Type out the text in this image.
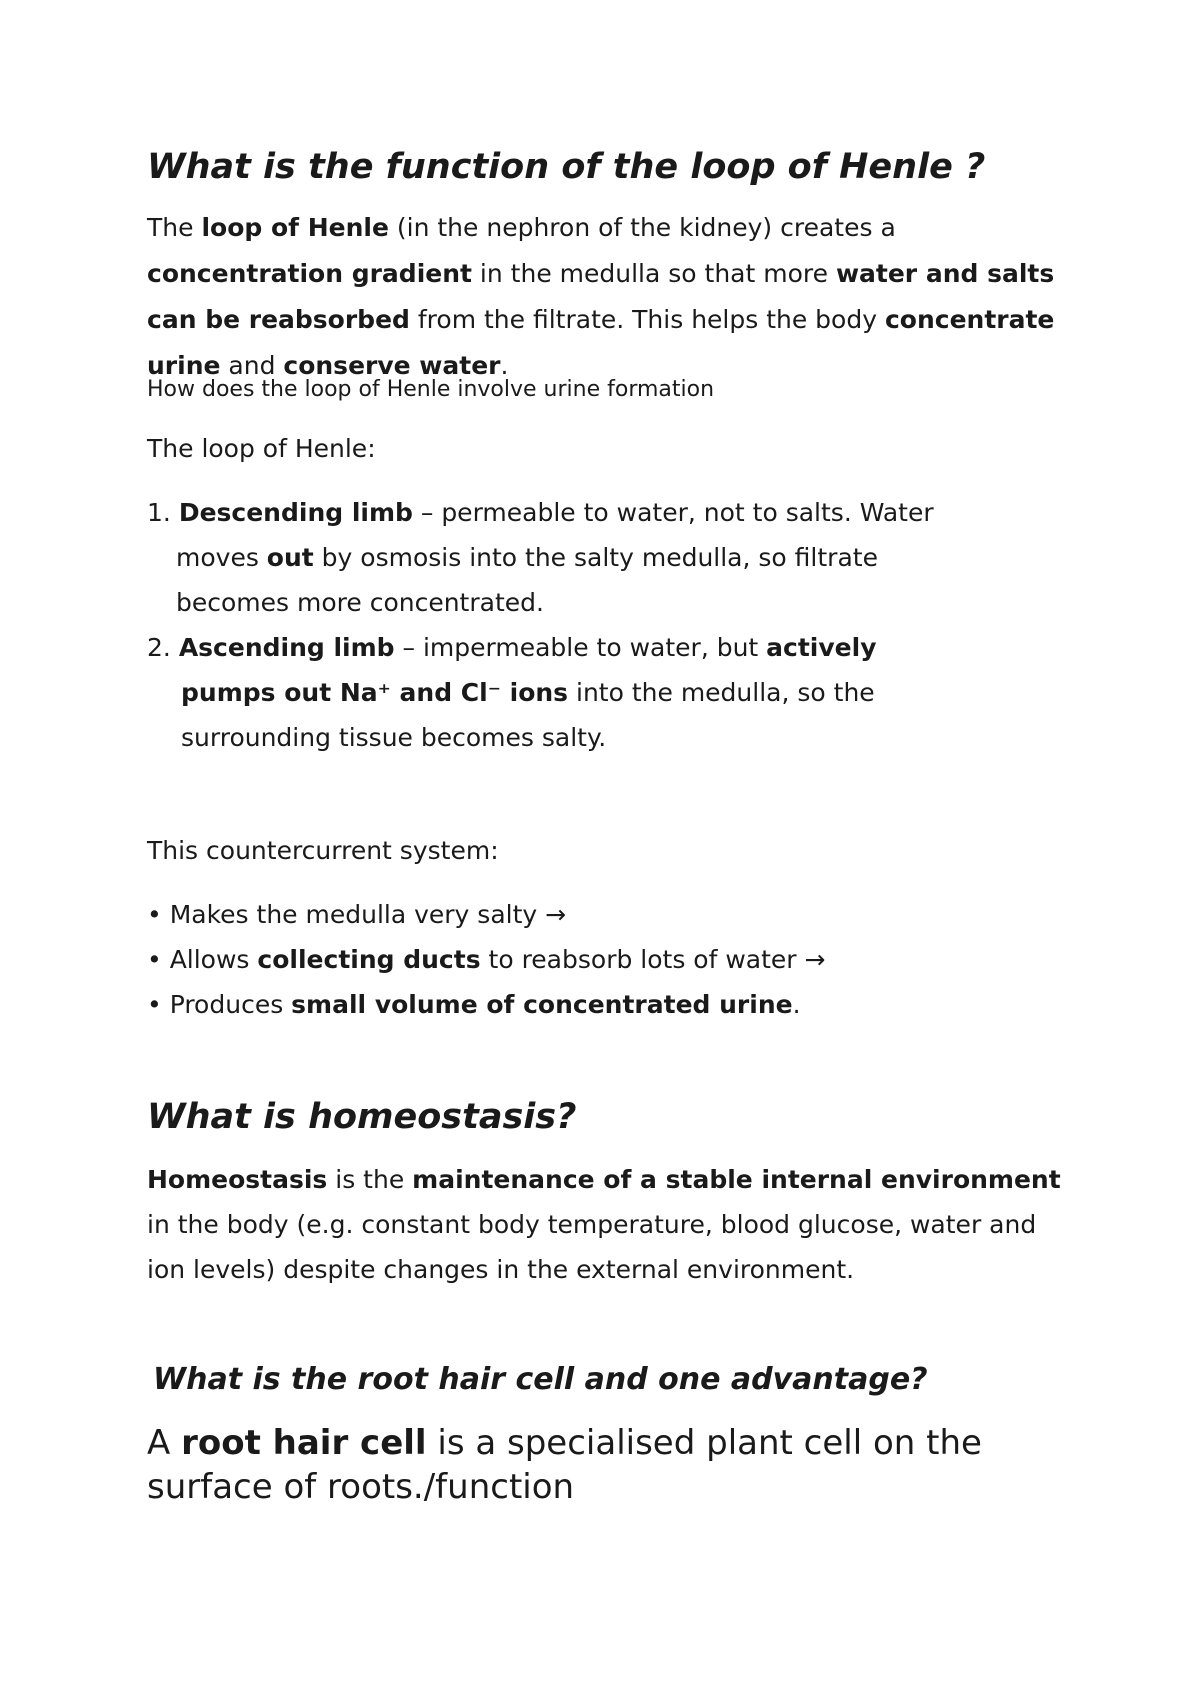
What is the function of the loop of Henle ?

The loop of Henle (in the nephron of the kidney) creates a concentration gradient in the medulla so that more water and salts can be reabsorbed from the filtrate. This helps the body concentrate urine and conserve water.

How does the loop of Henle involve urine formation

The loop of Henle:

1. Descending limb – permeable to water, not to salts. Water
moves out by osmosis into the salty medulla, so filtrate
becomes more concentrated.
2. Ascending limb – impermeable to water, but actively
pumps out Na⁺ and Cl⁻ ions into the medulla, so the
surrounding tissue becomes salty.

This countercurrent system:

• Makes the medulla very salty →
• Allows collecting ducts to reabsorb lots of water →
• Produces small volume of concentrated urine.
What is homeostasis?

Homeostasis is the maintenance of a stable internal environment in the body (e.g. constant body temperature, blood glucose, water and ion levels) despite changes in the external environment.

What is the root hair cell and one advantage?

A root hair cell is a specialised plant cell on the surface of roots./function
